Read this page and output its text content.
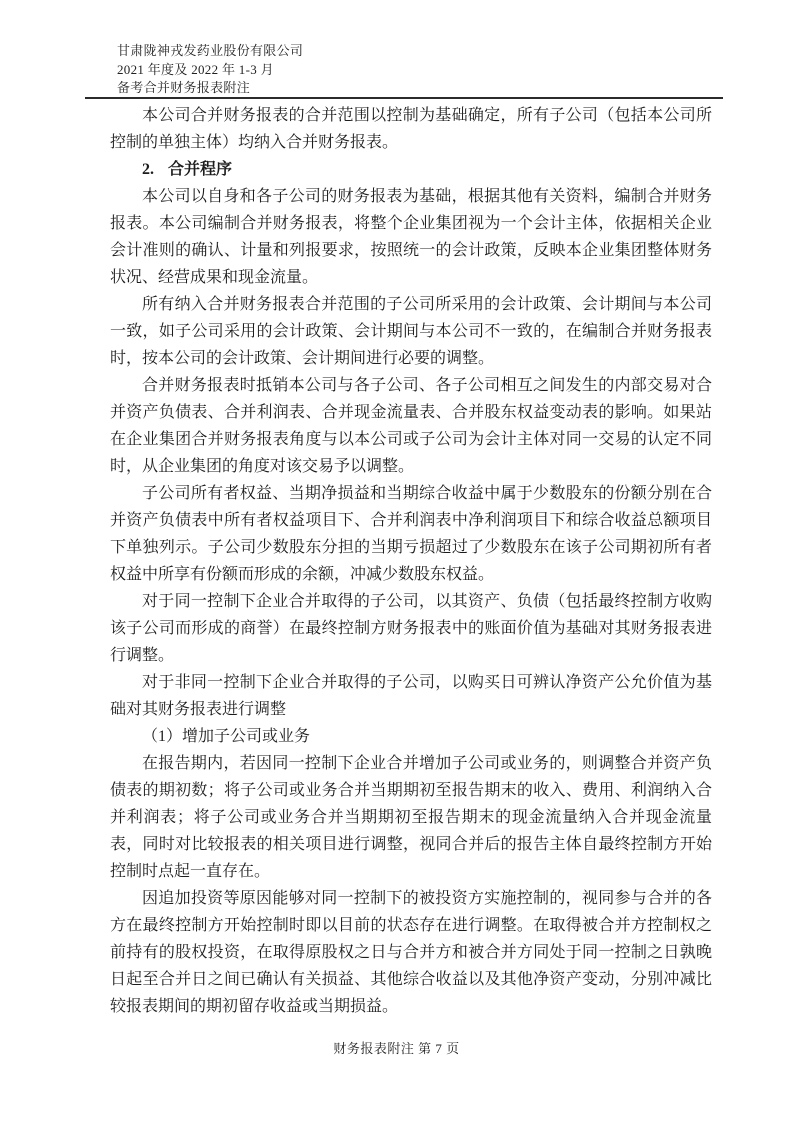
甘肃陇神戎发药业股份有限公司
2021 年度及 2022 年 1-3 月
备考合并财务报表附注

本公司合并财务报表的合并范围以控制为基础确定，所有子公司（包括本公司所控制的单独主体）均纳入合并财务报表。

2. 合并程序

本公司以自身和各子公司的财务报表为基础，根据其他有关资料，编制合并财务报表。本公司编制合并财务报表，将整个企业集团视为一个会计主体，依据相关企业会计准则的确认、计量和列报要求，按照统一的会计政策，反映本企业集团整体财务状况、经营成果和现金流量。

所有纳入合并财务报表合并范围的子公司所采用的会计政策、会计期间与本公司一致，如子公司采用的会计政策、会计期间与本公司不一致的，在编制合并财务报表时，按本公司的会计政策、会计期间进行必要的调整。

合并财务报表时抵销本公司与各子公司、各子公司相互之间发生的内部交易对合并资产负债表、合并利润表、合并现金流量表、合并股东权益变动表的影响。如果站在企业集团合并财务报表角度与以本公司或子公司为会计主体对同一交易的认定不同时，从企业集团的角度对该交易予以调整。

子公司所有者权益、当期净损益和当期综合收益中属于少数股东的份额分别在合并资产负债表中所有者权益项目下、合并利润表中净利润项目下和综合收益总额项目下单独列示。子公司少数股东分担的当期亏损超过了少数股东在该子公司期初所有者权益中所享有份额而形成的余额，冲减少数股东权益。

对于同一控制下企业合并取得的子公司，以其资产、负债（包括最终控制方收购该子公司而形成的商誉）在最终控制方财务报表中的账面价值为基础对其财务报表进行调整。

对于非同一控制下企业合并取得的子公司，以购买日可辨认净资产公允价值为基础对其财务报表进行调整

（1）增加子公司或业务

在报告期内，若因同一控制下企业合并增加子公司或业务的，则调整合并资产负债表的期初数；将子公司或业务合并当期期初至报告期末的收入、费用、利润纳入合并利润表；将子公司或业务合并当期期初至报告期末的现金流量纳入合并现金流量表，同时对比较报表的相关项目进行调整，视同合并后的报告主体自最终控制方开始控制时点起一直存在。

因追加投资等原因能够对同一控制下的被投资方实施控制的，视同参与合并的各方在最终控制方开始控制时即以目前的状态存在进行调整。在取得被合并方控制权之前持有的股权投资，在取得原股权之日与合并方和被合并方同处于同一控制之日孰晚日起至合并日之间已确认有关损益、其他综合收益以及其他净资产变动，分别冲减比较报表期间的期初留存收益或当期损益。

财务报表附注 第 7 页
